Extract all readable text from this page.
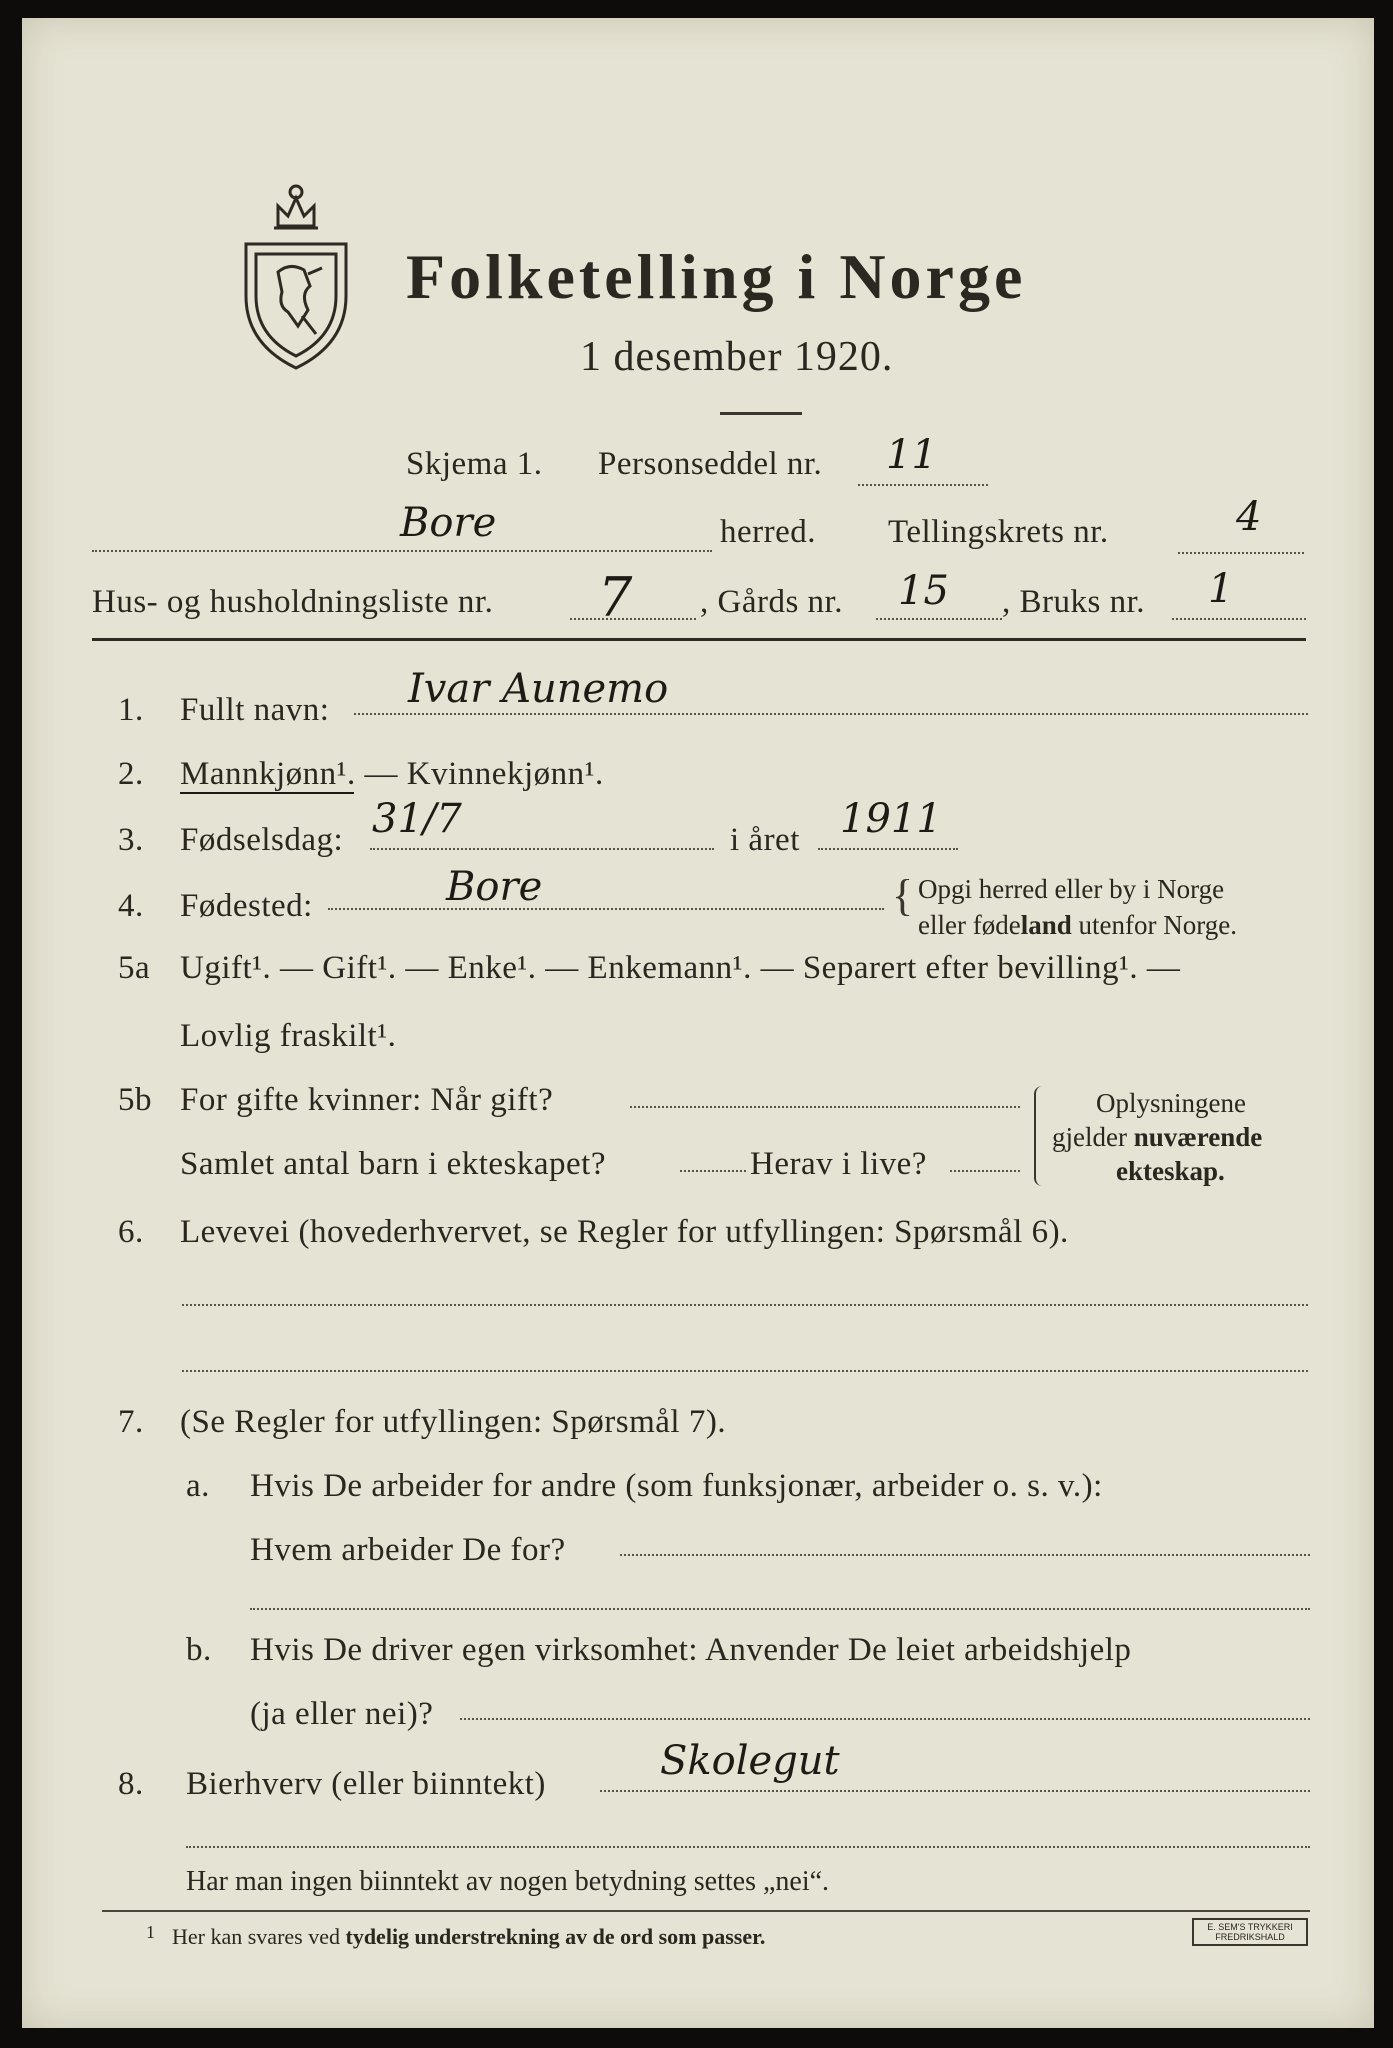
Folketelling i Norge
1 desember 1920.
Skjema 1. Personseddel nr. 11
Bore	herred. Tellingskrets nr.	4
Hus- og husholdningsliste nr. 7 , Gårds nr. 15 , Bruks nr. 1
1. Fullt navn: Ivar Aunemo
2. Mannkjønn¹. — Kvinnekjønn¹.
3. Fødselsdag: 31/7	i året 1911
4. Fødested:	Bore	{ Opgi herred eller by i Norge
eller fødeland utenfor Norge.
5a Ugift¹. — Gift¹. — Enke¹. — Enkemann¹. — Separert efter bevilling¹. —
Lovlig fraskilt¹.
5b For gifte kvinner: Når gift?
Samlet antal barn i ekteskapet?	Herav i live?
Oplysningene
gjelder nuværende
ekteskap.
6. Levevei (hovederhvervet, se Regler for utfyllingen: Spørsmål 6).
7. (Se Regler for utfyllingen: Spørsmål 7).
a. Hvis De arbeider for andre (som funksjonær, arbeider o. s. v.):
Hvem arbeider De for?
b. Hvis De driver egen virksomhet: Anvender De leiet arbeidshjelp
(ja eller nei)?
8. Bierhverv (eller biinntekt)	Skolegut
Har man ingen biinntekt av nogen betydning settes „nei“.
1 Her kan svares ved tydelig understrekning av de ord som passer.	E. SEM'S TRYKKERI
FREDRIKSHALD
